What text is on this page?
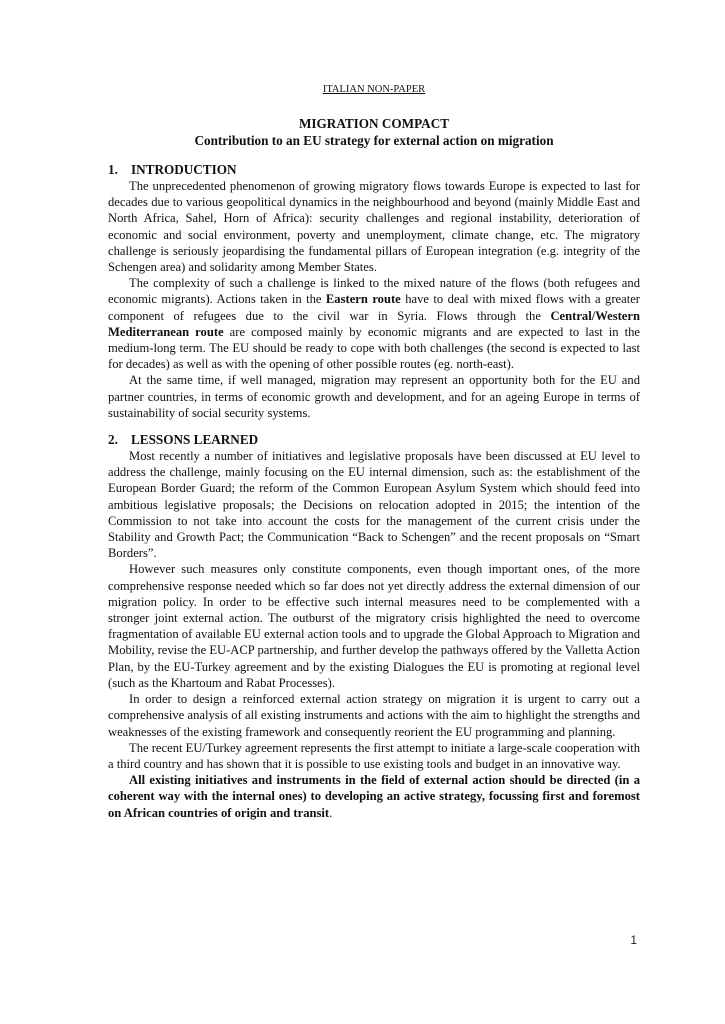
ITALIAN NON-PAPER

MIGRATION COMPACT

Contribution to an EU strategy for external action on migration

1. INTRODUCTION

The unprecedented phenomenon of growing migratory flows towards Europe is expected to last for decades due to various geopolitical dynamics in the neighbourhood and beyond (mainly Middle East and North Africa, Sahel, Horn of Africa): security challenges and regional instability, deterioration of economic and social environment, poverty and unemployment, climate change, etc. The migratory challenge is seriously jeopardising the fundamental pillars of European integration (e.g. integrity of the Schengen area) and solidarity among Member States.

The complexity of such a challenge is linked to the mixed nature of the flows (both refugees and economic migrants). Actions taken in the Eastern route have to deal with mixed flows with a greater component of refugees due to the civil war in Syria. Flows through the Central/Western Mediterranean route are composed mainly by economic migrants and are expected to last in the medium-long term. The EU should be ready to cope with both challenges (the second is expected to last for decades) as well as with the opening of other possible routes (eg. north-east).

At the same time, if well managed, migration may represent an opportunity both for the EU and partner countries, in terms of economic growth and development, and for an ageing Europe in terms of sustainability of social security systems.

2. LESSONS LEARNED

Most recently a number of initiatives and legislative proposals have been discussed at EU level to address the challenge, mainly focusing on the EU internal dimension, such as: the establishment of the European Border Guard; the reform of the Common European Asylum System which should feed into ambitious legislative proposals; the Decisions on relocation adopted in 2015; the intention of the Commission to not take into account the costs for the management of the current crisis under the Stability and Growth Pact; the Communication “Back to Schengen” and the recent proposals on “Smart Borders”.

However such measures only constitute components, even though important ones, of the more comprehensive response needed which so far does not yet directly address the external dimension of our migration policy. In order to be effective such internal measures need to be complemented with a stronger joint external action. The outburst of the migratory crisis highlighted the need to overcome fragmentation of available EU external action tools and to upgrade the Global Approach to Migration and Mobility, revise the EU-ACP partnership, and further develop the pathways offered by the Valletta Action Plan, by the EU-Turkey agreement and by the existing Dialogues the EU is promoting at regional level (such as the Khartoum and Rabat Processes).

In order to design a reinforced external action strategy on migration it is urgent to carry out a comprehensive analysis of all existing instruments and actions with the aim to highlight the strengths and weaknesses of the existing framework and consequently reorient the EU programming and planning.

The recent EU/Turkey agreement represents the first attempt to initiate a large-scale cooperation with a third country and has shown that it is possible to use existing tools and budget in an innovative way.

All existing initiatives and instruments in the field of external action should be directed (in a coherent way with the internal ones) to developing an active strategy, focussing first and foremost on African countries of origin and transit.

1
